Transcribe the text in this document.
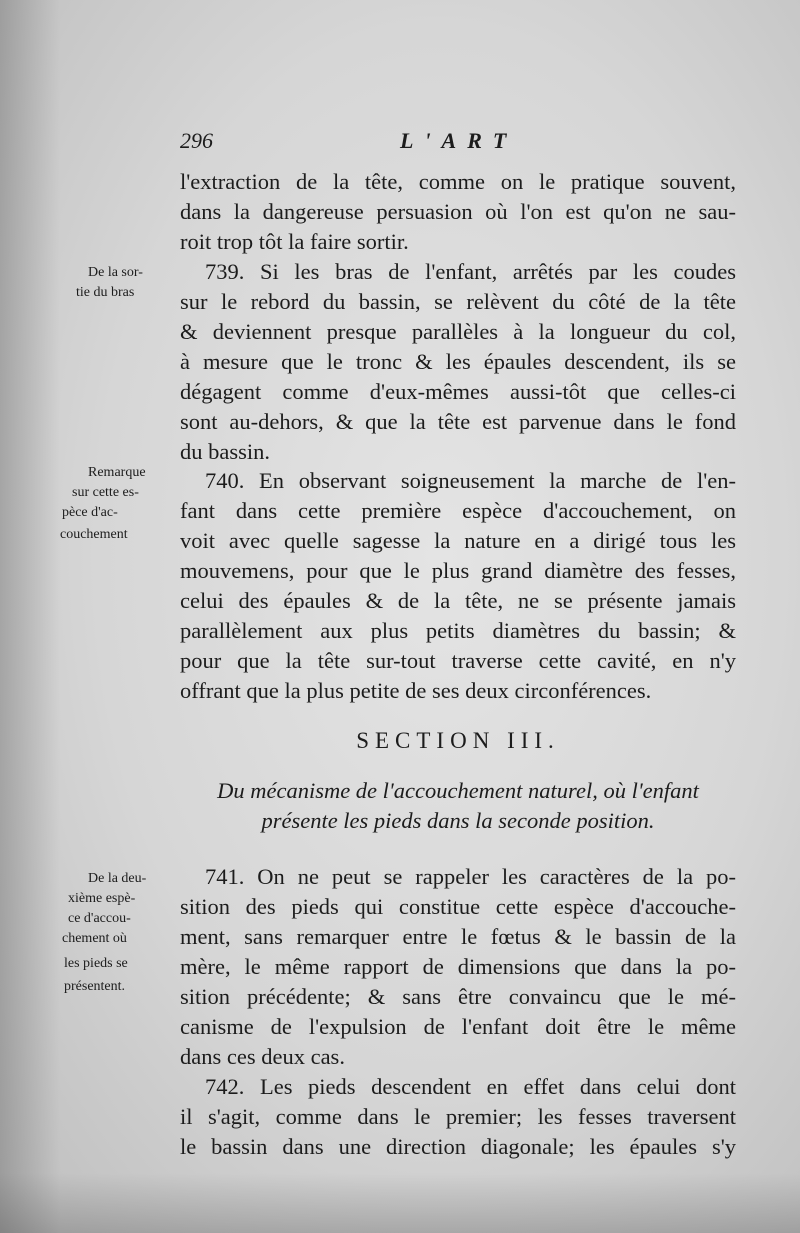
296	L'ART
l'extraction de la tête, comme on le pratique souvent,
dans la dangereuse persuasion où l'on est qu'on ne sau-
roit trop tôt la faire sortir.
739. Si les bras de l'enfant, arrêtés par les coudes
sur le rebord du bassin, se relèvent du côté de la tête
& deviennent presque parallèles à la longueur du col,
à mesure que le tronc & les épaules descendent, ils se
dégagent comme d'eux-mêmes aussi-tôt que celles-ci
sont au-dehors, & que la tête est parvenue dans le fond
du bassin.
740. En observant soigneusement la marche de l'en-
fant dans cette première espèce d'accouchement, on
voit avec quelle sagesse la nature en a dirigé tous les
mouvemens, pour que le plus grand diamètre des fesses,
celui des épaules & de la tête, ne se présente jamais
parallèlement aux plus petits diamètres du bassin; &
pour que la tête sur-tout traverse cette cavité, en n'y
offrant que la plus petite de ses deux circonférences.
SECTION III.
Du mécanisme de l'accouchement naturel, où l'enfant
présente les pieds dans la seconde position.
741. On ne peut se rappeler les caractères de la po-
sition des pieds qui constitue cette espèce d'accouche-
ment, sans remarquer entre le fœtus & le bassin de la
mère, le même rapport de dimensions que dans la po-
sition précédente; & sans être convaincu que le mé-
canisme de l'expulsion de l'enfant doit être le même
dans ces deux cas.
742. Les pieds descendent en effet dans celui dont
il s'agit, comme dans le premier; les fesses traversent
le bassin dans une direction diagonale; les épaules s'y
De la sor-
tie du bras
Remarque
sur cette es-
pèce d'ac-
couchement
De la deu-
xième espè-
ce d'accou-
chement où
les pieds se
présentent.
